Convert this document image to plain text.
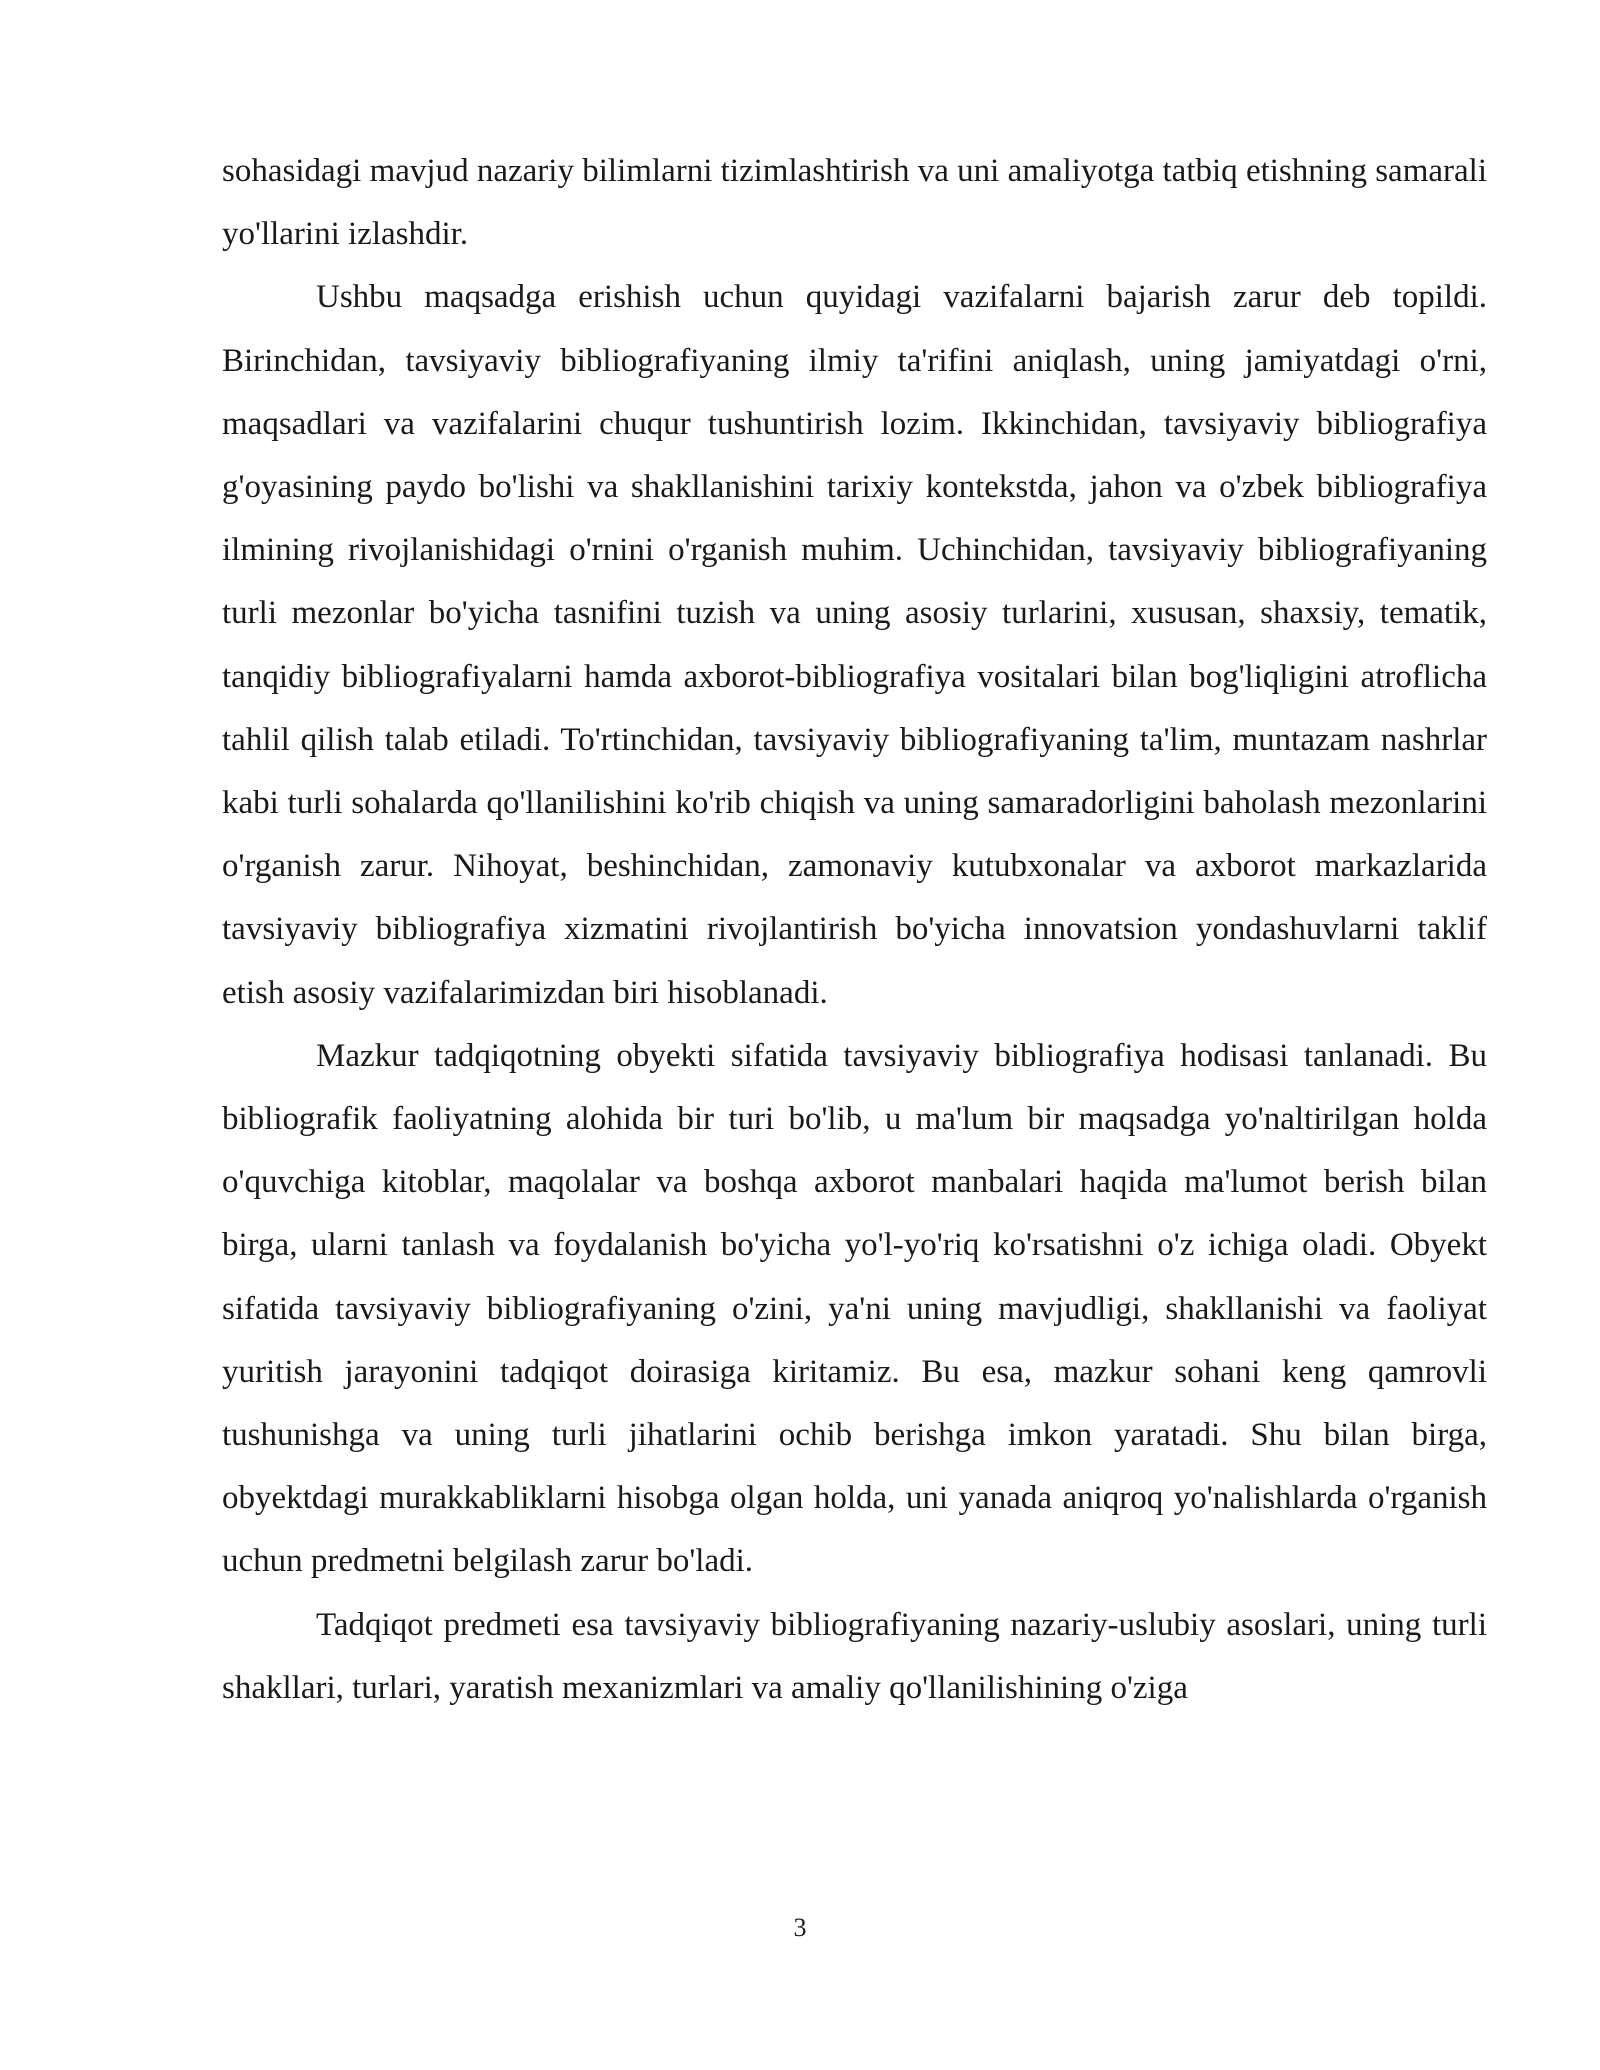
sohasidagi mavjud nazariy bilimlarni tizimlashtirish va uni amaliyotga tatbiq etishning samarali yo'llarini izlashdir.

Ushbu maqsadga erishish uchun quyidagi vazifalarni bajarish zarur deb topildi. Birinchidan, tavsiyaviy bibliografiyaning ilmiy ta'rifini aniqlash, uning jamiyatdagi o'rni, maqsadlari va vazifalarini chuqur tushuntirish lozim. Ikkinchidan, tavsiyaviy bibliografiya g'oyasining paydo bo'lishi va shakllanishini tarixiy kontekstda, jahon va o'zbek bibliografiya ilmining rivojlanishidagi o'rnini o'rganish muhim. Uchinchidan, tavsiyaviy bibliografiyaning turli mezonlar bo'yicha tasnifini tuzish va uning asosiy turlarini, xususan, shaxsiy, tematik, tanqidiy bibliografiyalarni hamda axborot-bibliografiya vositalari bilan bog'liqligini atroflicha tahlil qilish talab etiladi. To'rtinchidan, tavsiyaviy bibliografiyaning ta'lim, muntazam nashrlar kabi turli sohalarda qo'llanilishini ko'rib chiqish va uning samaradorligini baholash mezonlarini o'rganish zarur. Nihoyat, beshinchidan, zamonaviy kutubxonalar va axborot markazlarida tavsiyaviy bibliografiya xizmatini rivojlantirish bo'yicha innovatsion yondashuvlarni taklif etish asosiy vazifalarimizdan biri hisoblanadi.

Mazkur tadqiqotning obyekti sifatida tavsiyaviy bibliografiya hodisasi tanlanadi. Bu bibliografik faoliyatning alohida bir turi bo'lib, u ma'lum bir maqsadga yo'naltirilgan holda o'quvchiga kitoblar, maqolalar va boshqa axborot manbalari haqida ma'lumot berish bilan birga, ularni tanlash va foydalanish bo'yicha yo'l-yo'riq ko'rsatishni o'z ichiga oladi. Obyekt sifatida tavsiyaviy bibliografiyaning o'zini, ya'ni uning mavjudligi, shakllanishi va faoliyat yuritish jarayonini tadqiqot doirasiga kiritamiz. Bu esa, mazkur sohani keng qamrovli tushunishga va uning turli jihatlarini ochib berishga imkon yaratadi. Shu bilan birga, obyektdagi murakkabliklarni hisobga olgan holda, uni yanada aniqroq yo'nalishlarda o'rganish uchun predmetni belgilash zarur bo'ladi.

Tadqiqot predmeti esa tavsiyaviy bibliografiyaning nazariy-uslubiy asoslari, uning turli shakllari, turlari, yaratish mexanizmlari va amaliy qo'llanilishining o'ziga

3
